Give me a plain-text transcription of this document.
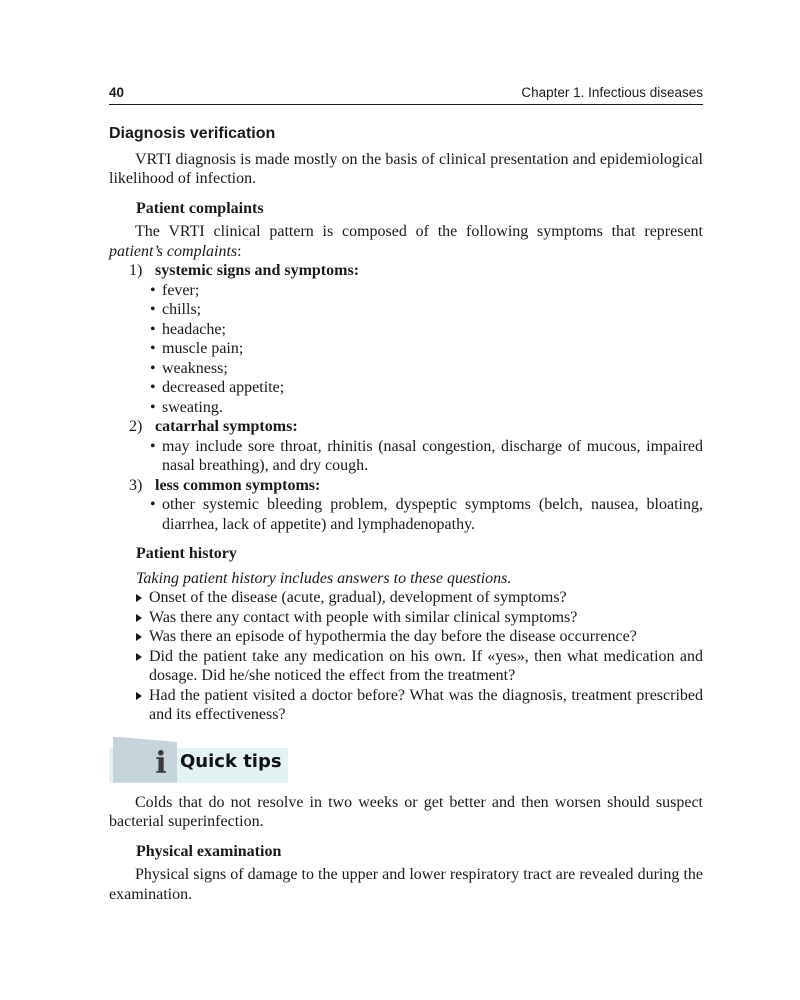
40	Chapter 1. Infectious diseases
Diagnosis verification

VRTI diagnosis is made mostly on the basis of clinical presentation and epidemiological likelihood of infection.

Patient complaints

The VRTI clinical pattern is composed of the following symptoms that represent patient’s complaints:

1) systemic signs and symptoms:
• fever;
• chills;
• headache;
• muscle pain;
• weakness;
• decreased appetite;
• sweating.
2) catarrhal symptoms:
• may include sore throat, rhinitis (nasal congestion, discharge of mucous, impaired nasal breathing), and dry cough.
3) less common symptoms:
• other systemic bleeding problem, dyspeptic symptoms (belch, nausea, bloating, diarrhea, lack of appetite) and lymphadenopathy.
Patient history

Taking patient history includes answers to these questions.

Onset of the disease (acute, gradual), development of symptoms?
Was there any contact with people with similar clinical symptoms?
Was there an episode of hypothermia the day before the disease occurrence?
Did the patient take any medication on his own. If «yes», then what medication and dosage. Did he/she noticed the effect from the treatment?
Had the patient visited a doctor before? What was the diagnosis, treatment prescribed and its effectiveness?
i Quick tips

Colds that do not resolve in two weeks or get better and then worsen should suspect bacterial superinfection.

Physical examination

Physical signs of damage to the upper and lower respiratory tract are revealed during the examination.
